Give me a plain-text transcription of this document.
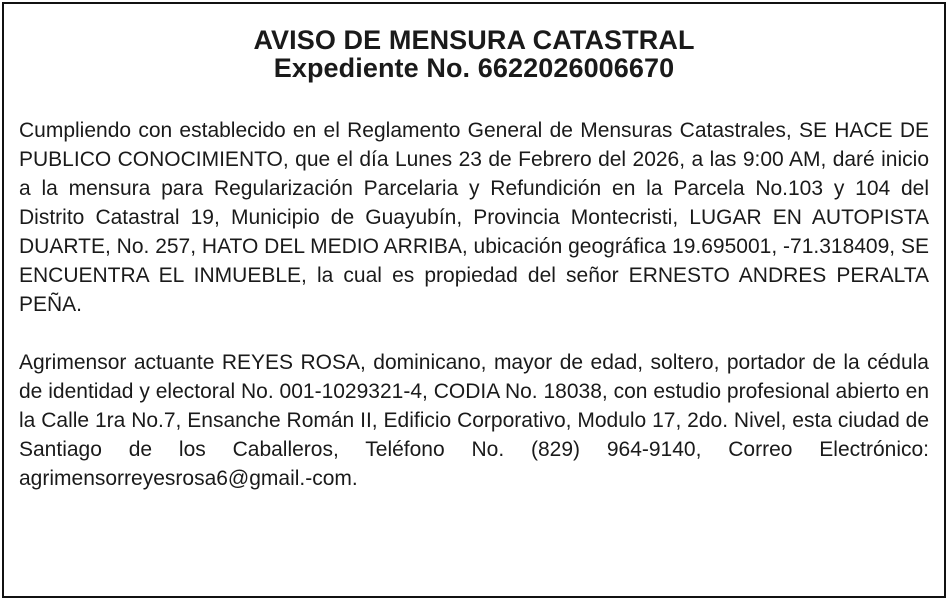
AVISO DE MENSURA CATASTRAL
Expediente No. 6622026006670

Cumpliendo con establecido en el Reglamento General de Mensuras Catastrales, SE HACE DE PUBLICO CONOCIMIENTO, que el día Lunes 23 de Febrero del 2026, a las 9:00 AM, daré inicio a la mensura para Regularización Parcelaria y Refundición en la Parcela No.103 y 104 del Distrito Catastral 19, Municipio de Guayubín, Provincia Montecristi, LUGAR EN AUTOPISTA DUARTE, No. 257, HATO DEL MEDIO ARRIBA, ubicación geográfica 19.695001, -71.318409, SE ENCUENTRA EL INMUEBLE, la cual es propiedad del señor ERNESTO ANDRES PERALTA PEÑA.

Agrimensor actuante REYES ROSA, dominicano, mayor de edad, soltero, portador de la cédula de identidad y electoral No. 001-1029321-4, CODIA No. 18038, con estudio profesional abierto en la Calle 1ra No.7, Ensanche Román II, Edificio Corporativo, Modulo 17, 2do. Nivel, esta ciudad de Santiago de los Caballeros, Teléfono No. (829) 964-9140, Correo Electrónico: agrimensorreyesrosa6@gmail.-com.
